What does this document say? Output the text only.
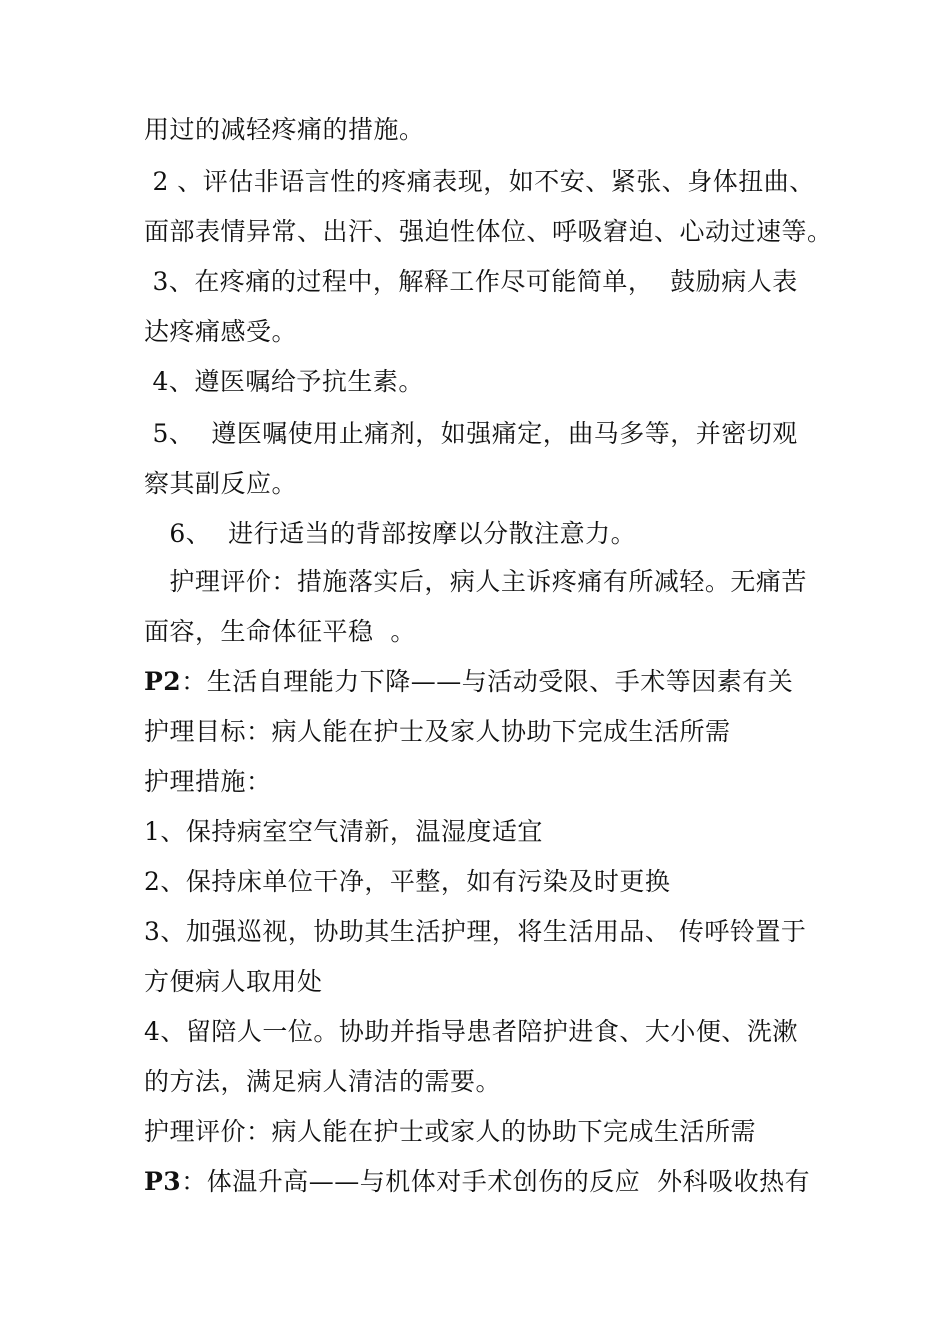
用过的减轻疼痛的措施。
2 、评估非语言性的疼痛表现，如不安、紧张、身体扭曲、
面部表情异常、出汗、强迫性体位、呼吸窘迫、心动过速等。
3、在疼痛的过程中，解释工作尽可能简单，  鼓励病人表
达疼痛感受。
4、遵医嘱给予抗生素。
5、  遵医嘱使用止痛剂，如强痛定，曲马多等，并密切观
察其副反应。
6、  进行适当的背部按摩以分散注意力。
护理评价：措施落实后，病人主诉疼痛有所减轻。无痛苦
面容，生命体征平稳  。
P2：生活自理能力下降——与活动受限、手术等因素有关
护理目标：病人能在护士及家人协助下完成生活所需
护理措施：
1、保持病室空气清新，温湿度适宜
2、保持床单位干净，平整，如有污染及时更换
3、加强巡视，协助其生活护理，将生活用品、 传呼铃置于
方便病人取用处
4、留陪人一位。协助并指导患者陪护进食、大小便、洗漱
的方法，满足病人清洁的需要。
护理评价：病人能在护士或家人的协助下完成生活所需
P3：体温升高——与机体对手术创伤的反应  外科吸收热有
